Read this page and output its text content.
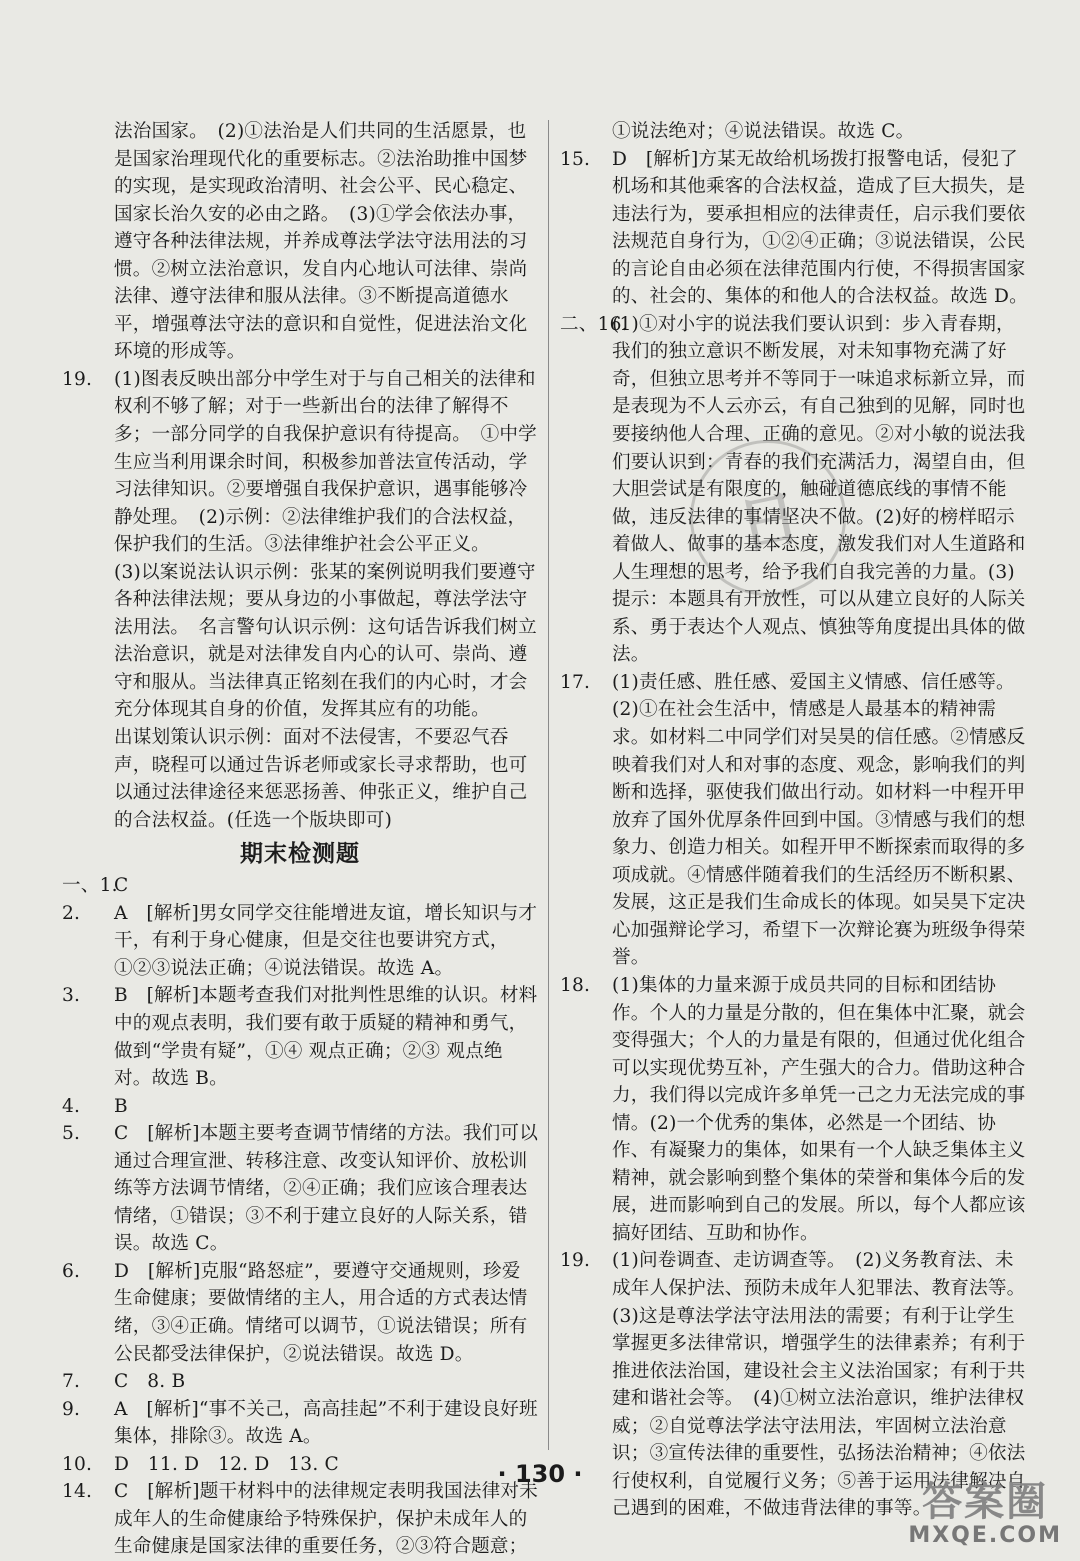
法治国家。　(2)①法治是人们共同的生活愿景，也是国家治理现代化的重要标志。②法治助推中国梦的实现，是实现政治清明、社会公平、民心稳定、国家长治久安的必由之路。　(3)①学会依法办事，遵守各种法律法规，并养成尊法学法守法用法的习惯。②树立法治意识，发自内心地认可法律、崇尚法律、遵守法律和服从法律。③不断提高道德水平，增强尊法守法的意识和自觉性，促进法治文化环境的形成等。
19. (1)图表反映出部分中学生对于与自己相关的法律和权利不够了解；对于一些新出台的法律了解得不多；一部分同学的自我保护意识有待提高。　①中学生应当利用课余时间，积极参加普法宣传活动，学习法律知识。②要增强自我保护意识，遇事能够冷静处理。　(2)示例：②法律维护我们的合法权益，保护我们的生活。③法律维护社会公平正义。
(3)以案说法认识示例：张某的案例说明我们要遵守各种法律法规；要从身边的小事做起，尊法学法守法用法。　名言警句认识示例：这句话告诉我们树立法治意识，就是对法律发自内心的认可、崇尚、遵守和服从。当法律真正铭刻在我们的内心时，才会充分体现其自身的价值，发挥其应有的功能。
出谋划策认识示例：面对不法侵害，不要忍气吞声，晓程可以通过告诉老师或家长寻求帮助，也可以通过法律途径来惩恶扬善、伸张正义，维护自己的合法权益。(任选一个版块即可)
期末检测题
一、1.
C
2. A　[解析]男女同学交往能增进友谊，增长知识与才干，有利于身心健康，但是交往也要讲究方式，①②③说法正确；④说法错误。故选 A。
3. B　[解析]本题考查我们对批判性思维的认识。材料中的观点表明，我们要有敢于质疑的精神和勇气，做到“学贵有疑”，①④ 观点正确；②③ 观点绝对。故选 B。
4. B
5. C　[解析]本题主要考查调节情绪的方法。我们可以通过合理宣泄、转移注意、改变认知评价、放松训练等方法调节情绪，②④正确；我们应该合理表达情绪，①错误；③不利于建立良好的人际关系，错误。故选 C。
6. D　[解析]克服“路怒症”，要遵守交通规则，珍爱生命健康；要做情绪的主人，用合适的方式表达情绪，③④正确。情绪可以调节，①说法错误；所有公民都受法律保护，②说法错误。故选 D。
7. C　8. B
9. A　[解析]“事不关己，高高挂起”不利于建设良好班集体，排除③。故选 A。
10. D　11. D　12. D　13. C
14. C　[解析]题干材料中的法律规定表明我国法律对未成年人的生命健康给予特殊保护，保护未成年人的生命健康是国家法律的重要任务，②③符合题意；
①说法绝对；④说法错误。故选 C。
15. D　[解析]方某无故给机场拨打报警电话，侵犯了机场和其他乘客的合法权益，造成了巨大损失，是违法行为，要承担相应的法律责任，启示我们要依法规范自身行为，①②④正确；③说法错误，公民的言论自由必须在法律范围内行使，不得损害国家的、社会的、集体的和他人的合法权益。故选 D。
二、16.
(1)①对小宇的说法我们要认识到：步入青春期，我们的独立意识不断发展，对未知事物充满了好奇，但独立思考并不等同于一味追求标新立异，而是表现为不人云亦云，有自己独到的见解，同时也要接纳他人合理、正确的意见。②对小敏的说法我们要认识到：青春的我们充满活力，渴望自由，但大胆尝试是有限度的，触碰道德底线的事情不能做，违反法律的事情坚决不做。(2)好的榜样昭示着做人、做事的基本态度，激发我们对人生道路和人生理想的思考，给予我们自我完善的力量。(3)提示：本题具有开放性，可以从建立良好的人际关系、勇于表达个人观点、慎独等角度提出具体的做法。
17. (1)责任感、胜任感、爱国主义情感、信任感等。
(2)①在社会生活中，情感是人最基本的精神需求。如材料二中同学们对吴昊的信任感。②情感反映着我们对人和对事的态度、观念，影响我们的判断和选择，驱使我们做出行动。如材料一中程开甲放弃了国外优厚条件回到中国。③情感与我们的想象力、创造力相关。如程开甲不断探索而取得的多项成就。④情感伴随着我们的生活经历不断积累、发展，这正是我们生命成长的体现。如吴昊下定决心加强辩论学习，希望下一次辩论赛为班级争得荣誉。
18. (1)集体的力量来源于成员共同的目标和团结协作。个人的力量是分散的，但在集体中汇聚，就会变得强大；个人的力量是有限的，但通过优化组合可以实现优势互补，产生强大的合力。借助这种合力，我们得以完成许多单凭一己之力无法完成的事情。(2)一个优秀的集体，必然是一个团结、协作、有凝聚力的集体，如果有一个人缺乏集体主义精神，就会影响到整个集体的荣誉和集体今后的发展，进而影响到自己的发展。所以，每个人都应该搞好团结、互助和协作。
19. (1)问卷调查、走访调查等。　(2)义务教育法、未成年人保护法、预防未成年人犯罪法、教育法等。
(3)这是尊法学法守法用法的需要；有利于让学生掌握更多法律常识，增强学生的法律素养；有利于推进依法治国，建设社会主义法治国家；有利于共建和谐社会等。　(4)①树立法治意识，维护法律权威；②自觉尊法学法守法用法，牢固树立法治意识；③宣传法律的重要性，弘扬法治精神；④依法行使权利，自觉履行义务；⑤善于运用法律解决自己遇到的困难，不做违背法律的事等。
日
· 130 ·
答案圈
MXQE.COM
